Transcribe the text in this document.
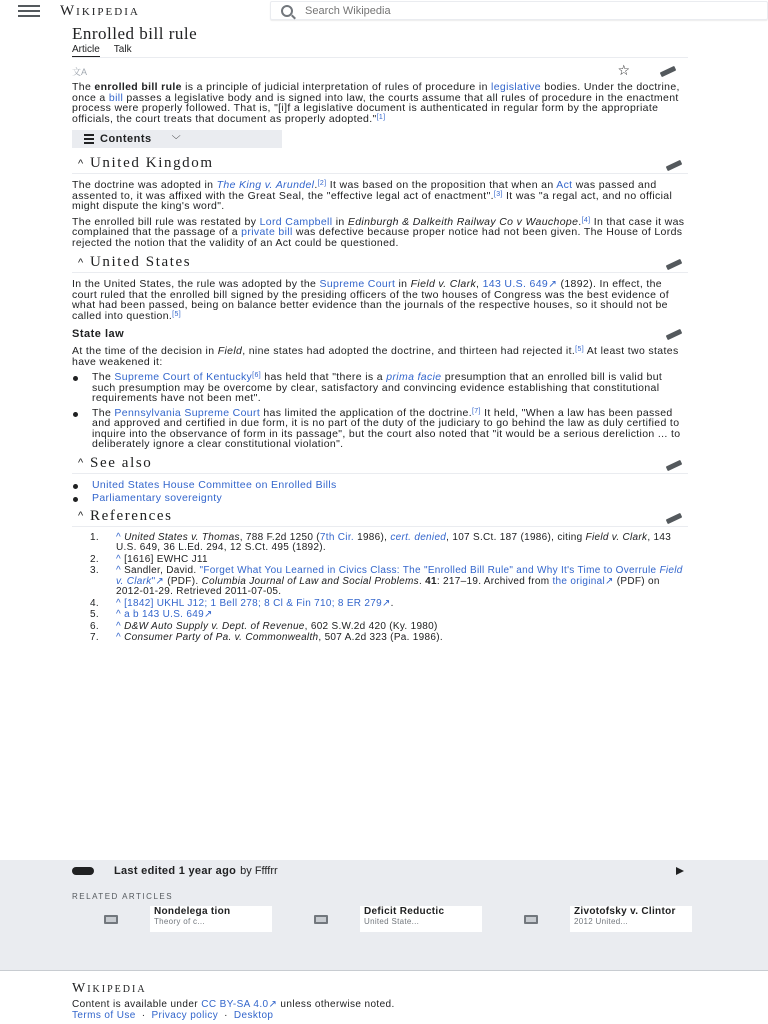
Wikipedia
Search Wikipedia
Enrolled bill rule
Article Talk
文A	☆

The enrolled bill rule is a principle of judicial interpretation of rules of procedure in legislative bodies. Under the doctrine, once a bill passes a legislative body and is signed into law, the courts assume that all rules of procedure in the enactment process were properly followed. That is, "[i]f a legislative document is authenticated in regular form by the appropriate officials, the court treats that document as properly adopted."[1]

Contents ﹀
^ United Kingdom

The doctrine was adopted in The King v. Arundel.[2] It was based on the proposition that when an Act was passed and assented to, it was affixed with the Great Seal, the "effective legal act of enactment".[3] It was "a regal act, and no official might dispute the king's word".

The enrolled bill rule was restated by Lord Campbell in Edinburgh & Dalkeith Railway Co v Wauchope.[4] In that case it was complained that the passage of a private bill was defective because proper notice had not been given. The House of Lords rejected the notion that the validity of an Act could be questioned.

^ United States

In the United States, the rule was adopted by the Supreme Court in Field v. Clark, 143 U.S. 649↗ (1892). In effect, the court ruled that the enrolled bill signed by the presiding officers of the two houses of Congress was the best evidence of what had been passed, being on balance better evidence than the journals of the respective houses, so it should not be called into question.[5]

State law

At the time of the decision in Field, nine states had adopted the doctrine, and thirteen had rejected it.[5] At least two states have weakened it:

The Supreme Court of Kentucky[6] has held that "there is a prima facie presumption that an enrolled bill is valid but such presumption may be overcome by clear, satisfactory and convincing evidence establishing that constitutional requirements have not been met".
The Pennsylvania Supreme Court has limited the application of the doctrine.[7] It held, "When a law has been passed and approved and certified in due form, it is no part of the duty of the judiciary to go behind the law as duly certified to inquire into the observance of form in its passage", but the court also noted that "it would be a serious dereliction ... to deliberately ignore a clear constitutional violation".
^ See also
United States House Committee on Enrolled Bills
Parliamentary sovereignty
^ References
1.	^ United States v. Thomas, 788 F.2d 1250 (7th Cir. 1986), cert. denied, 107 S.Ct. 187 (1986), citing Field v. Clark, 143 U.S. 649, 36 L.Ed. 294, 12 S.Ct. 495 (1892).
2.	^ [1616] EWHC J11
3.	^ Sandler, David. "Forget What You Learned in Civics Class: The "Enrolled Bill Rule" and Why It's Time to Overrule Field v. Clark"↗ (PDF). Columbia Journal of Law and Social Problems. 41: 217–19. Archived from the original↗ (PDF) on 2012-01-29. Retrieved 2011-07-05.
4.	^ [1842] UKHL J12; 1 Bell 278; 8 Cl & Fin 710; 8 ER 279↗.
5.	^ a b 143 U.S. 649↗
6.	^ D&W Auto Supply v. Dept. of Revenue, 602 S.W.2d 420 (Ky. 1980)
7.	^ Consumer Party of Pa. v. Commonwealth, 507 A.2d 323 (Pa. 1986).
Last edited 1 year ago by Ffffrr
RELATED ARTICLES
Nondelega tion
Theory of c...
Deficit Reductic
United State...
Zivotofsky v. Clintor
2012 United...
Wikipedia
Content is available under CC BY-SA 4.0↗ unless otherwise noted.
Terms of Use · Privacy policy · Desktop
